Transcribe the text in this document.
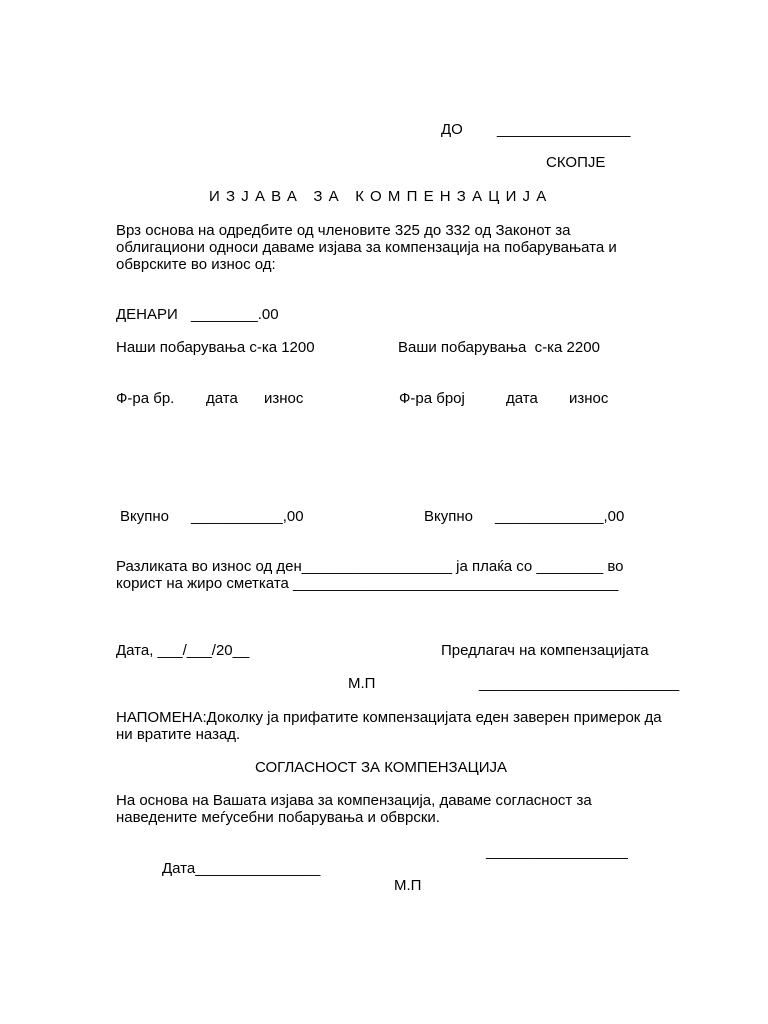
ДО ________________
СКОПЈЕ
ИЗЈАВА ЗА КОМПЕНЗАЦИЈА
Врз основа на одредбите од членовите 325 до 332 од Законот за
облигациони односи даваме изјава за компензација на побарувањата и
обврските во износ од:
ДЕНАРИ ________.00
Наши побарувања с-ка 1200	Ваши побарувања  с-ка 2200
Ф-ра бр. дата износ	Ф-ра број	дата износ
Вкупно ___________,00	Вкупно _____________,00
Разликата во износ од ден__________________ ја плаќа со ________ во
корист на жиро сметката _______________________________________
Дата, ___/___/20__	Предлагач на компензацијата
М.П	________________________
НАПОМЕНА:Доколку ја прифатите компензацијата еден заверен примерок да
ни вратите назад.
СОГЛАСНОСТ ЗА КОМПЕНЗАЦИЈА
На основа на Вашата изјава за компензација, даваме согласност за
наведените меѓусебни побарувања и обврски.
_________________
Дата_______________
М.П
